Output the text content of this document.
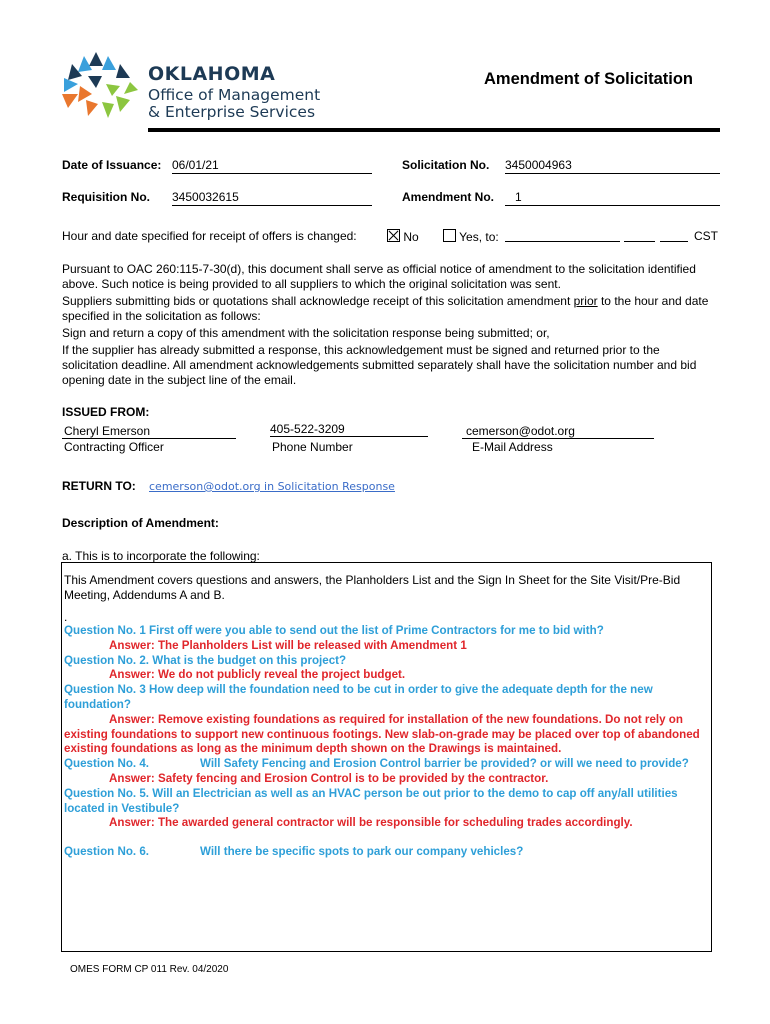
OKLAHOMA
Office of Management
& Enterprise Services
Amendment of Solicitation
Date of Issuance: 06/01/21	Solicitation No. 3450004963
Requisition No. 3450032615	Amendment No.	1
Hour and date specified for receipt of offers is changed:	No	Yes, to:	CST
Pursuant to OAC 260:115-7-30(d), this document shall serve as official notice of amendment to the solicitation identified above. Such notice is being provided to all suppliers to which the original solicitation was sent.
Suppliers submitting bids or quotations shall acknowledge receipt of this solicitation amendment prior to the hour and date specified in the solicitation as follows:
Sign and return a copy of this amendment with the solicitation response being submitted; or,
If the supplier has already submitted a response, this acknowledgement must be signed and returned prior to the solicitation deadline. All amendment acknowledgements submitted separately shall have the solicitation number and bid opening date in the subject line of the email.
ISSUED FROM:
Cheryl Emerson
Contracting Officer
405-522-3209
Phone Number
cemerson@odot.org
E-Mail Address
RETURN TO: cemerson@odot.org in Solicitation Response
Description of Amendment:
a. This is to incorporate the following:
This Amendment covers questions and answers, the Planholders List and the Sign In Sheet for the Site Visit/Pre-Bid Meeting, Addendums A and B.
.
Question No. 1 First off were you able to send out the list of Prime Contractors for me to bid with?
Answer: The Planholders List will be released with Amendment 1
Question No. 2. What is the budget on this project?
Answer: We do not publicly reveal the project budget.
Question No. 3 How deep will the foundation need to be cut in order to give the adequate depth for the new foundation?
Answer: Remove existing foundations as required for installation of the new foundations. Do not rely on existing foundations to support new continuous footings. New slab-on-grade may be placed over top of abandoned existing foundations as long as the minimum depth shown on the Drawings is maintained.
Question No. 4.	Will Safety Fencing and Erosion Control barrier be provided? or will we need to provide?
Answer: Safety fencing and Erosion Control is to be provided by the contractor.
Question No. 5. Will an Electrician as well as an HVAC person be out prior to the demo to cap off any/all utilities located in Vestibule?
Answer: The awarded general contractor will be responsible for scheduling trades accordingly.
Question No. 6.	Will there be specific spots to park our company vehicles?
OMES FORM CP 011 Rev. 04/2020
